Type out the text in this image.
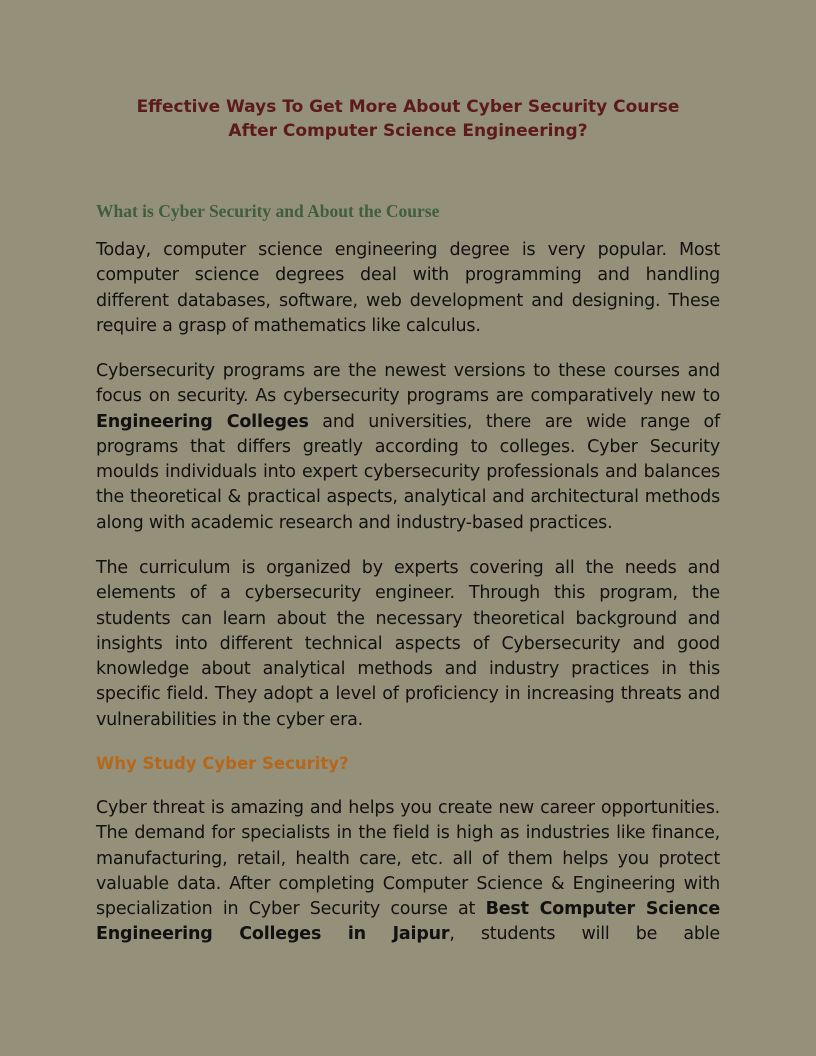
Effective Ways To Get More About Cyber Security Course After Computer Science Engineering?
What is Cyber Security and About the Course

Today, computer science engineering degree is very popular. Most computer science degrees deal with programming and handling different databases, software, web development and designing. These require a grasp of mathematics like calculus.

Cybersecurity programs are the newest versions to these courses and focus on security. As cybersecurity programs are comparatively new to Engineering Colleges and universities, there are wide range of programs that differs greatly according to colleges. Cyber Security moulds individuals into expert cybersecurity professionals and balances the theoretical & practical aspects, analytical and architectural methods along with academic research and industry-based practices.

The curriculum is organized by experts covering all the needs and elements of a cybersecurity engineer. Through this program, the students can learn about the necessary theoretical background and insights into different technical aspects of Cybersecurity and good knowledge about analytical methods and industry practices in this specific field. They adopt a level of proficiency in increasing threats and vulnerabilities in the cyber era.

Why Study Cyber Security?

Cyber threat is amazing and helps you create new career opportunities. The demand for specialists in the field is high as industries like finance, manufacturing, retail, health care, etc. all of them helps you protect valuable data. After completing Computer Science & Engineering with specialization in Cyber Security course at Best Computer Science Engineering Colleges in Jaipur, students will be able
